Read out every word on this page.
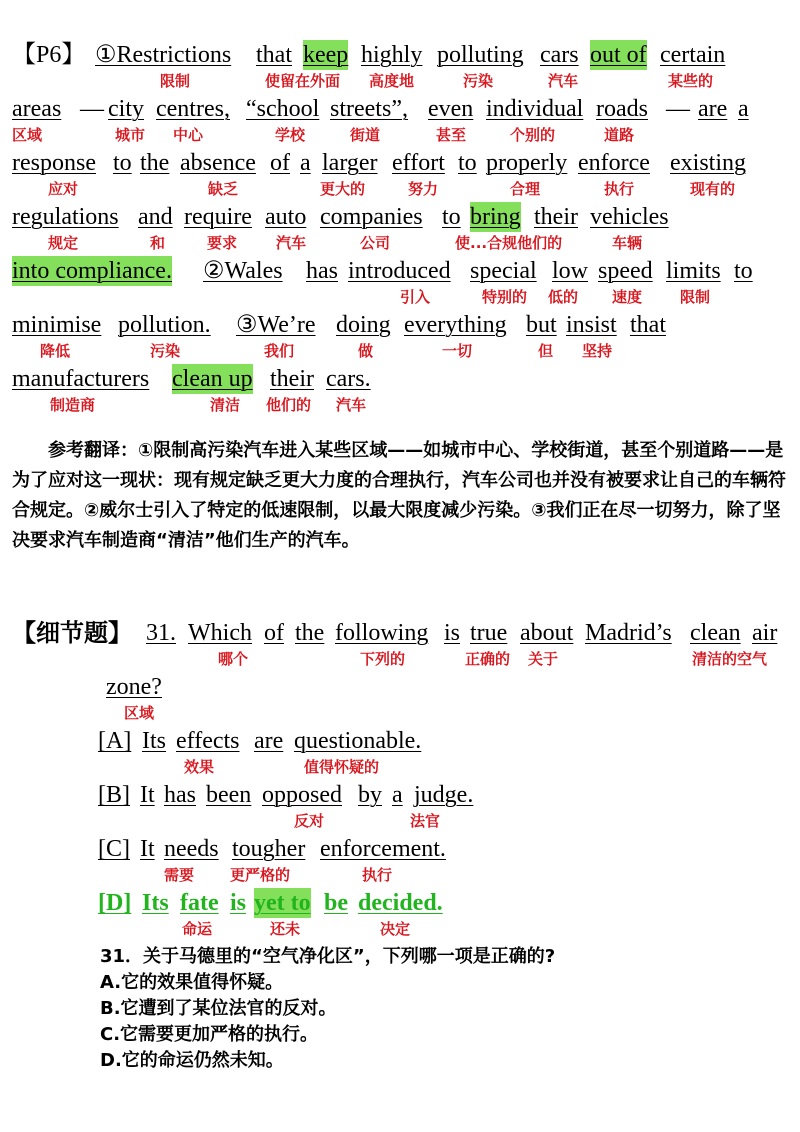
【P6】 ①Restrictions that keep highly polluting cars out of certain
限制	使留在外面 高度地	污染	汽车	某些的
areas — city centres, “school streets”, even individual roads — are a
区域	城市 中心	学校	街道	甚至	个别的	道路
response to the absence of a larger effort to properly enforce existing
应对	缺乏	更大的	努力	合理	执行	现有的
regulations and require auto companies to bring their vehicles
规定	和	要求	汽车	公司	使...合规他们的	车辆
into compliance. ②Wales has introduced special low speed limits to
引入	特别的 低的 速度	限制
minimise pollution. ③We’re doing everything but insist that
降低	污染	我们	做	一切	但 坚持
manufacturers clean up their cars.
制造商	清洁 他们的 汽车
参考翻译：①限制高污染汽车进入某些区域——如城市中心、学校街道，甚至个别道路——是为了应对这一现状：现有规定缺乏更大力度的合理执行，汽车公司也并没有被要求让自己的车辆符合规定。②威尔士引入了特定的低速限制，以最大限度减少污染。③我们正在尽一切努力，除了坚决要求汽车制造商“清洁”他们生产的汽车。
【细节题】 31. Which of the following is true about Madrid’s clean air
哪个	下列的	正确的 关于	清洁的空气
zone?
区域
[A] Its effects are questionable.
效果	值得怀疑的
[B] It has been opposed by a judge.
反对	法官
[C] It needs tougher enforcement.
需要 更严格的	执行
[D] Its fate is yet to be decided.
命运	还未	决定
31．关于马德里的“空气净化区”，下列哪一项是正确的?
A.它的效果值得怀疑。
B.它遭到了某位法官的反对。
C.它需要更加严格的执行。
D.它的命运仍然未知。
